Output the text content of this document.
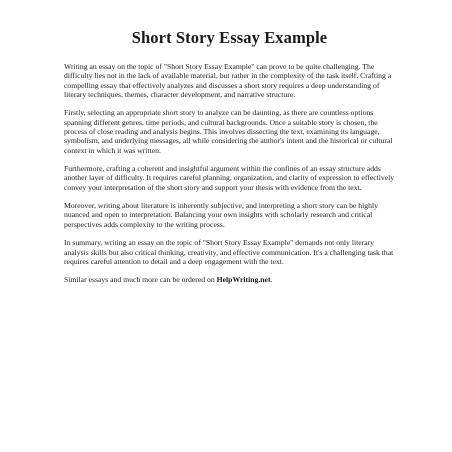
Short Story Essay Example

Writing an essay on the topic of "Short Story Essay Example" can prove to be quite challenging. The difficulty lies not in the lack of available material, but rather in the complexity of the task itself. Crafting a compelling essay that effectively analyzes and discusses a short story requires a deep understanding of literary techniques, themes, character development, and narrative structure.

Firstly, selecting an appropriate short story to analyze can be daunting, as there are countless options spanning different genres, time periods, and cultural backgrounds. Once a suitable story is chosen, the process of close reading and analysis begins. This involves dissecting the text, examining its language, symbolism, and underlying messages, all while considering the author's intent and the historical or cultural context in which it was written.

Furthermore, crafting a coherent and insightful argument within the confines of an essay structure adds another layer of difficulty. It requires careful planning, organization, and clarity of expression to effectively convey your interpretation of the short story and support your thesis with evidence from the text.

Moreover, writing about literature is inherently subjective, and interpreting a short story can be highly nuanced and open to interpretation. Balancing your own insights with scholarly research and critical perspectives adds complexity to the writing process.

In summary, writing an essay on the topic of "Short Story Essay Example" demands not only literary analysis skills but also critical thinking, creativity, and effective communication. It's a challenging task that requires careful attention to detail and a deep engagement with the text.

Similar essays and much more can be ordered on HelpWriting.net.
